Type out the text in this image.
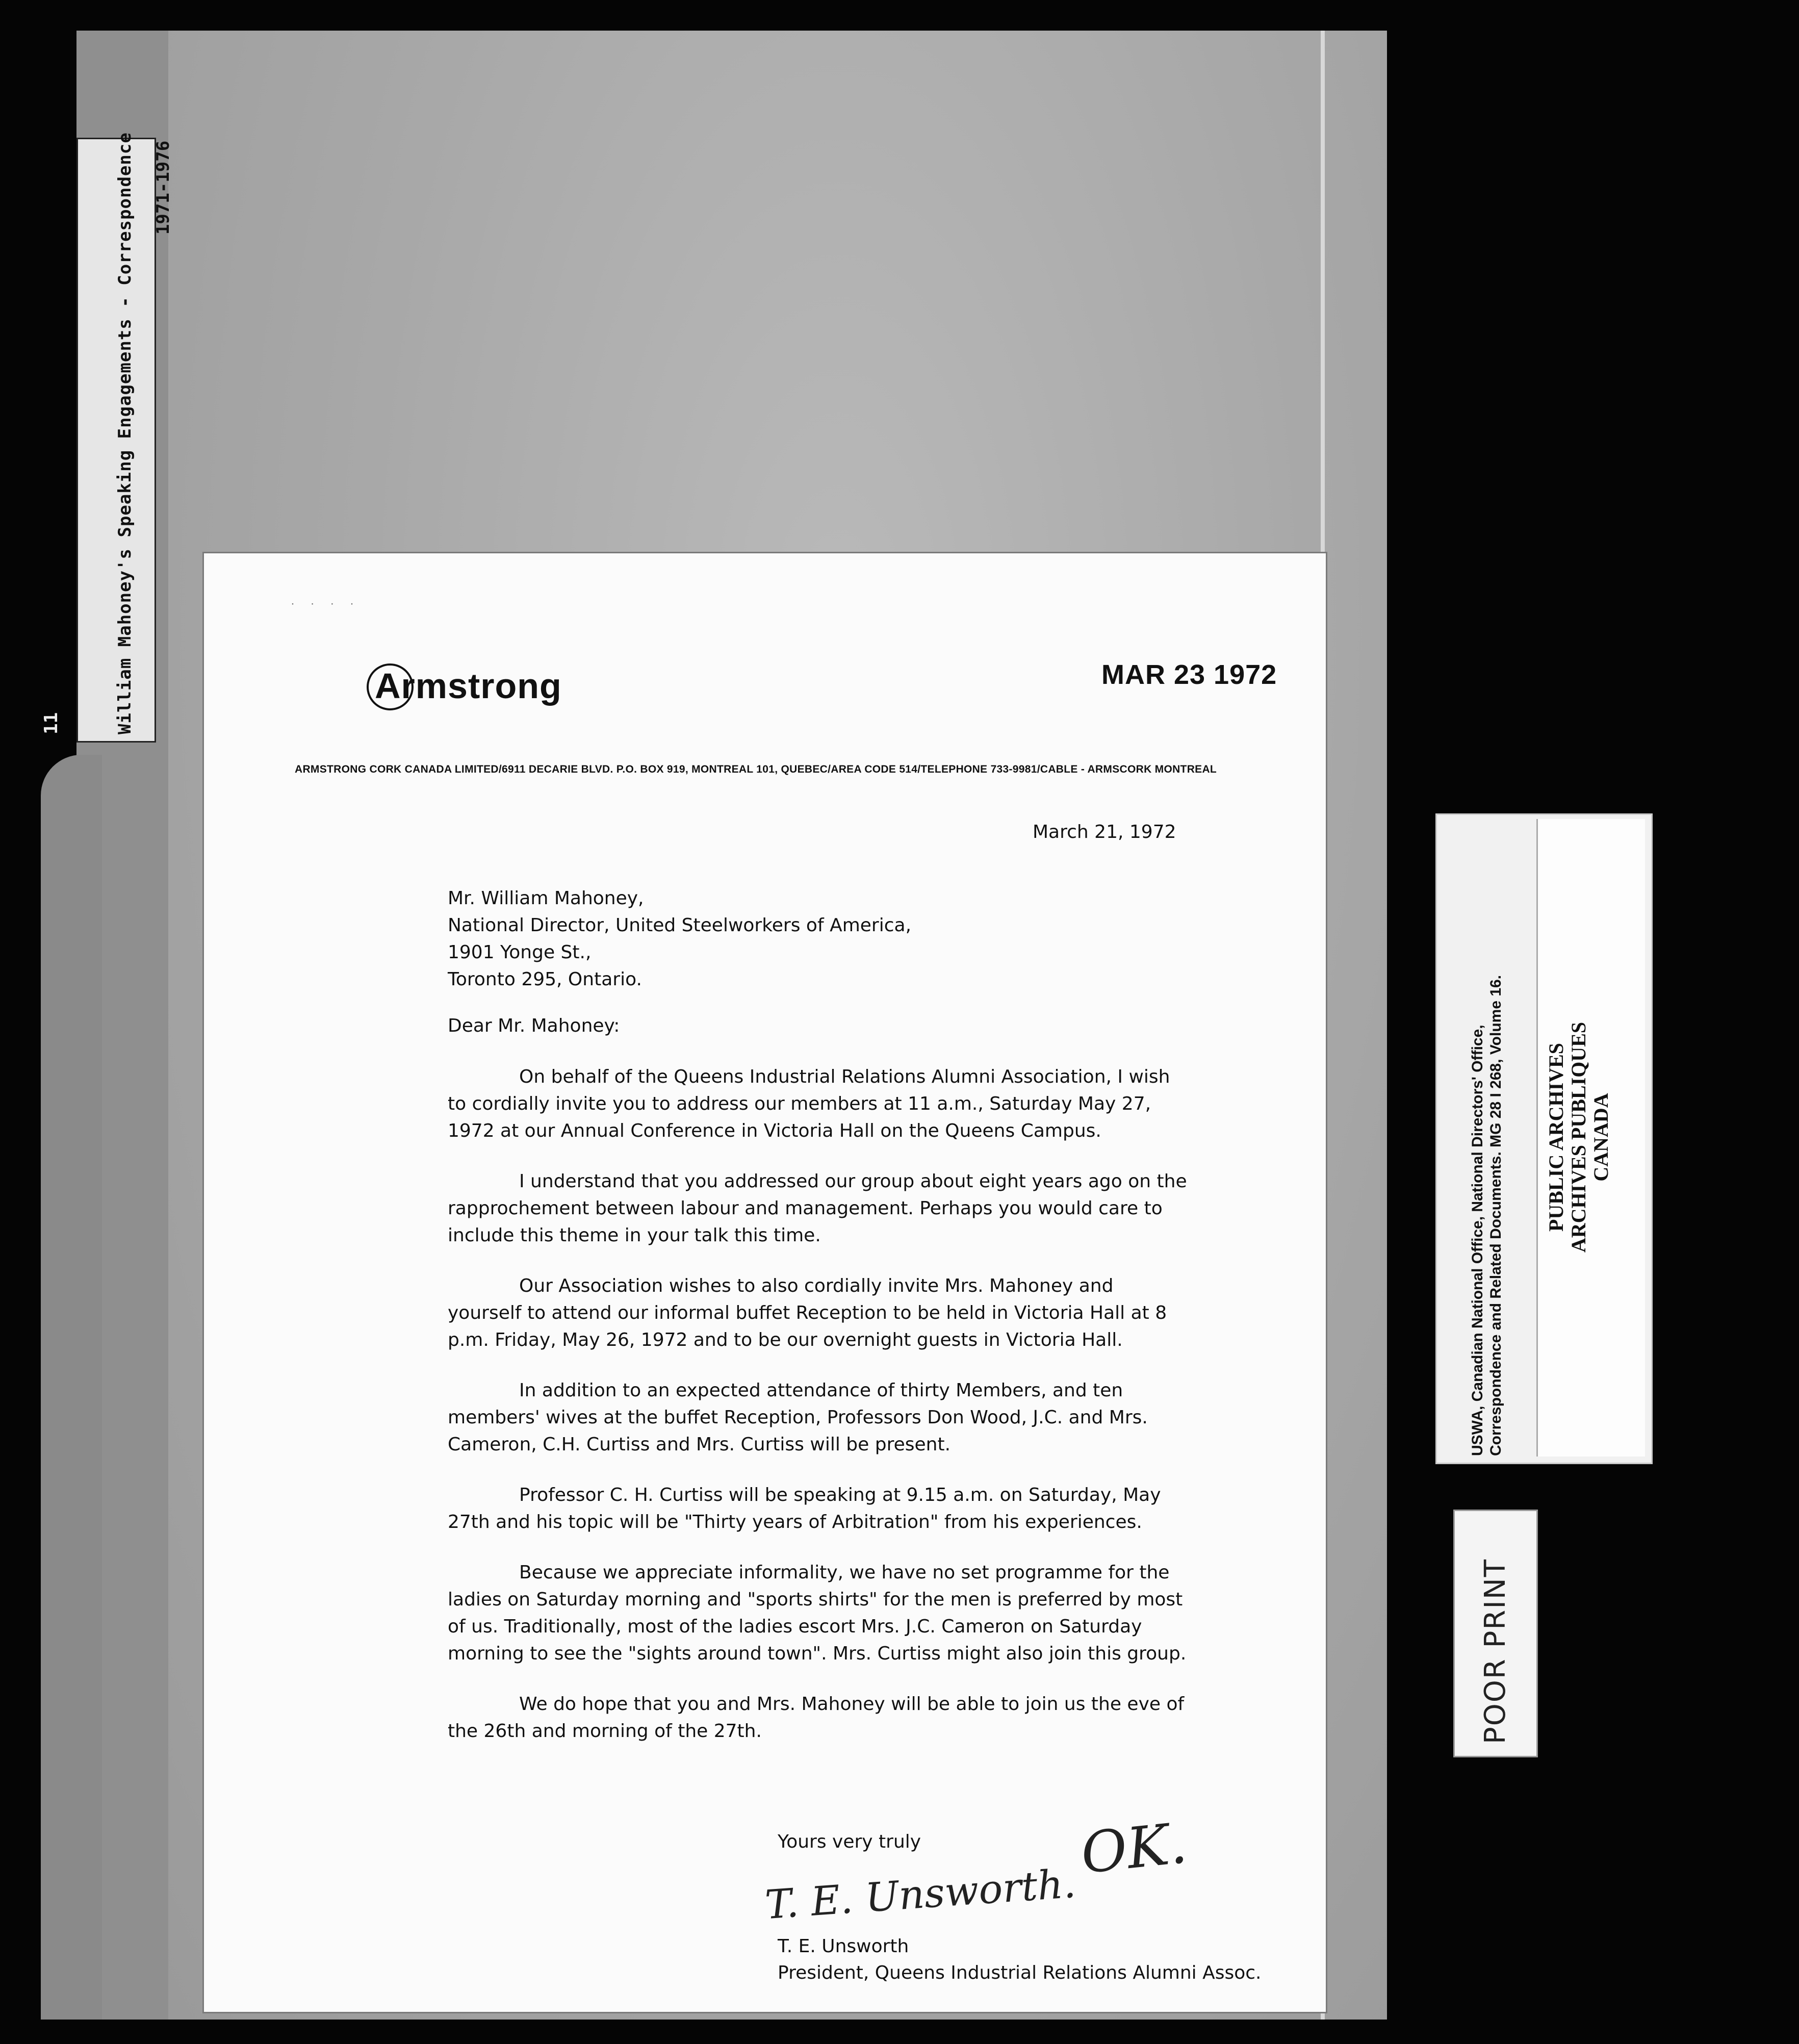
William Mahoney's Speaking Engagements - Correspondence 1971-1976
11
· · · ·
Armstrong	MAR 23 1972
ARMSTRONG CORK CANADA LIMITED/6911 DECARIE BLVD. P.O. BOX 919, MONTREAL 101, QUEBEC/AREA CODE 514/TELEPHONE 733-9981/CABLE - ARMSCORK MONTREAL
March 21, 1972
Mr. William Mahoney,
National Director, United Steelworkers of America,
1901 Yonge St.,
Toronto 295, Ontario.
Dear Mr. Mahoney:

On behalf of the Queens Industrial Relations Alumni Association, I wish to cordially invite you to address our members at 11 a.m., Saturday May 27, 1972 at our Annual Conference in Victoria Hall on the Queens Campus.

I understand that you addressed our group about eight years ago on the rapprochement between labour and management. Perhaps you would care to include this theme in your talk this time.

Our Association wishes to also cordially invite Mrs. Mahoney and yourself to attend our informal buffet Reception to be held in Victoria Hall at 8 p.m. Friday, May 26, 1972 and to be our overnight guests in Victoria Hall.

In addition to an expected attendance of thirty Members, and ten members' wives at the buffet Reception, Professors Don Wood, J.C. and Mrs. Cameron, C.H. Curtiss and Mrs. Curtiss will be present.

Professor C. H. Curtiss will be speaking at 9.15 a.m. on Saturday, May 27th and his topic will be "Thirty years of Arbitration" from his experiences.

Because we appreciate informality, we have no set programme for the ladies on Saturday morning and "sports shirts" for the men is preferred by most of us. Traditionally, most of the ladies escort Mrs. J.C. Cameron on Saturday morning to see the "sights around town". Mrs. Curtiss might also join this group.

We do hope that you and Mrs. Mahoney will be able to join us the eve of the 26th and morning of the 27th.

Yours very truly	OK.
T. E. Unsworth.
T. E. Unsworth
President, Queens Industrial Relations Alumni Assoc.
USWA, Canadian National Office, National Directors' Office, Correspondence and Related Documents. MG 28 I 268, Volume 16. PUBLIC ARCHIVES ARCHIVES PUBLIQUES CANADA
POOR PRINT
